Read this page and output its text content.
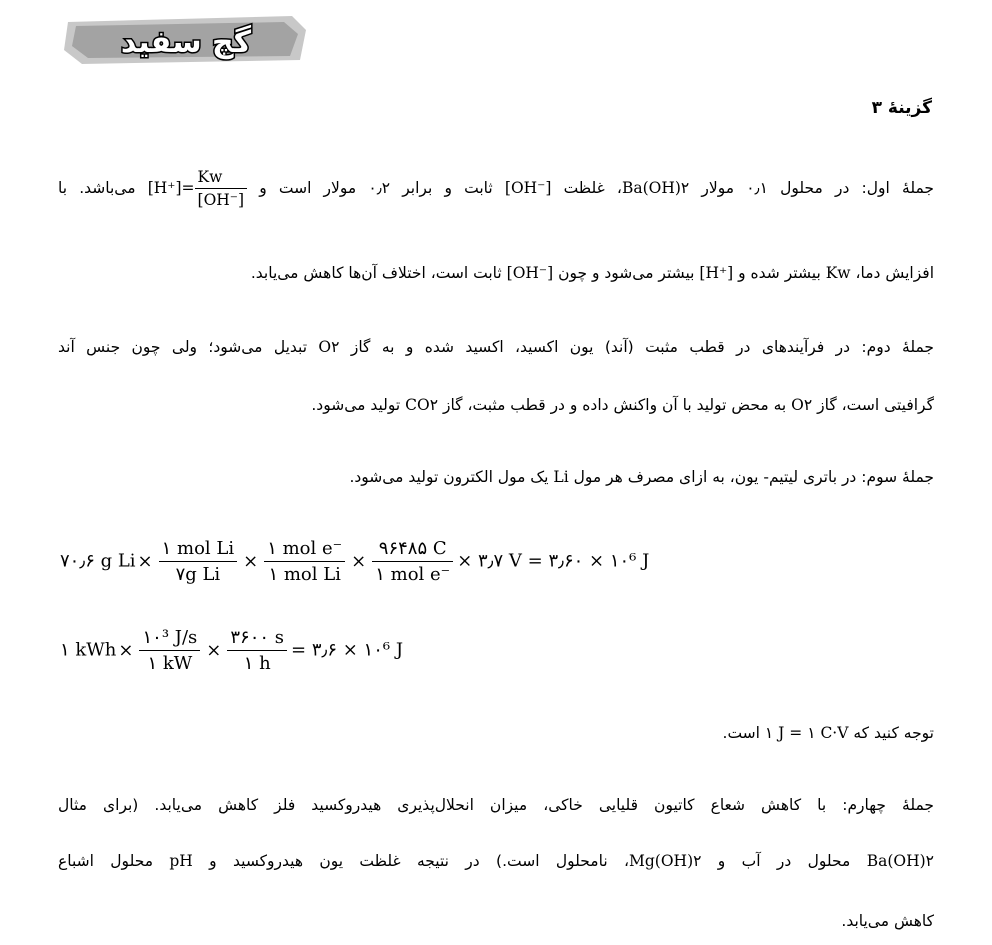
گچ سفید
گزینهٔ ۳
جملهٔ اول: در محلول ۰٫۱ مولار Ba(OH)۲، غلظت [OH⁻] ثابت و برابر ۰٫۲ مولار است و $[H^+]= \frac{Kw}{[OH^-]}$
می‌باشد. با
افزایش دما، Kw بیشتر شده و [H⁺] بیشتر می‌شود و چون [OH⁻] ثابت است، اختلاف آن‌ها کاهش می‌یابد.
جملهٔ دوم: در فرآیندهای در قطب مثبت (آند) یون اکسید، اکسید شده و به گاز O۲ تبدیل می‌شود؛ ولی چون جنس آند
گرافیتی است، گاز O۲ به محض تولید با آن واکنش داده و در قطب مثبت، گاز CO۲ تولید می‌شود.
جملهٔ سوم: در باتری لیتیم- یون، به ازای مصرف هر مول Li یک مول الکترون تولید می‌شود.
۷۰٫۶ g $Li \times \frac{\text{۱ mol Li}}{\text{۷g Li}} \times \frac{\text{۱ mol e⁻}}{\text{۱ mol Li}} \times \frac{۹۶۴۸۵ C}{\text{۱ mol e⁻}}$ × ۳٫۷ V = ۳٫۶۰ × ۱۰⁶ J
۱ kWh × $\frac{\text{۱۰³ J/s}}{۱ kW} \times \frac{۳۶۰۰ s}{۱ h}$ = ۳٫۶ × ۱۰⁶ J
توجه کنید که ۱ J = ۱ C·V است.
جملهٔ چهارم: با کاهش شعاع کاتیون قلیایی خاکی، میزان انحلال‌پذیری هیدروکسید فلز کاهش می‌یابد. (برای مثال
Ba(OH)۲ محلول در آب و Mg(OH)۲، نامحلول است.) در نتیجه غلظت یون هیدروکسید و pH محلول اشباع
کاهش می‌یابد.
